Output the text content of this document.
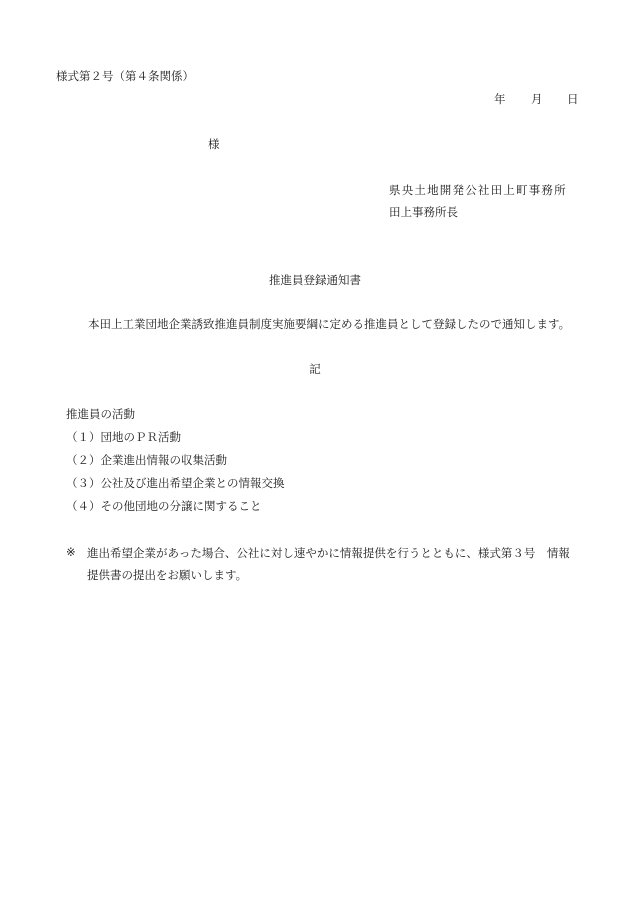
様式第２号（第４条関係）
年	月	日
様
県央土地開発公社田上町事務所
田上事務所長
推進員登録通知書
本田上工業団地企業誘致推進員制度実施要綱に定める推進員として登録したので通知します。
記
推進員の活動
（１）団地のＰＲ活動
（２）企業進出情報の収集活動
（３）公社及び進出希望企業との情報交換
（４）その他団地の分譲に関すること
※ 進出希望企業があった場合、公社に対し速やかに情報提供を行うとともに、様式第３号　情報
提供書の提出をお願いします。
